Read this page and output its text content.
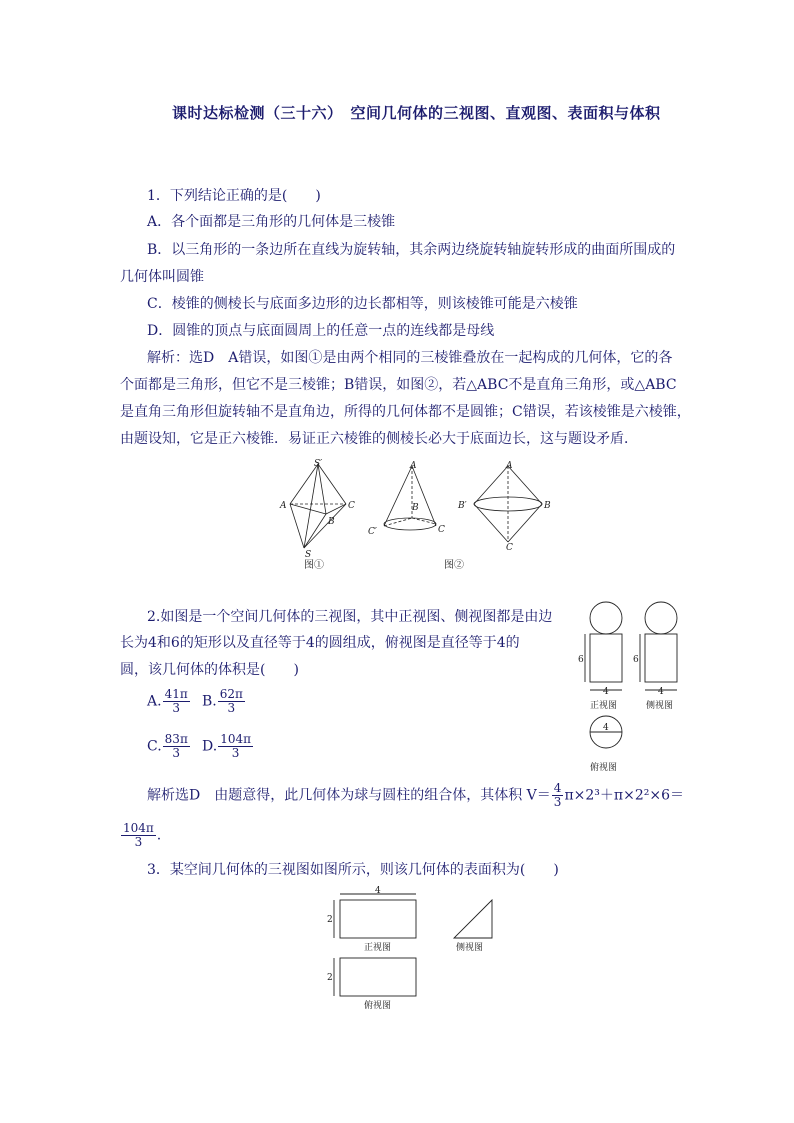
课时达标检测（三十六）　空间几何体的三视图、直观图、表面积与体积
1．下列结论正确的是(　　)
A．各个面都是三角形的几何体是三棱锥
B．以三角形的一条边所在直线为旋转轴，其余两边绕旋转轴旋转形成的曲面所围成的
几何体叫圆锥
C．棱锥的侧棱长与底面多边形的边长都相等，则该棱锥可能是六棱锥
D．圆锥的顶点与底面圆周上的任意一点的连线都是母线
解析：选D　A错误，如图①是由两个相同的三棱锥叠放在一起构成的几何体，它的各
个面都是三角形，但它不是三棱锥；B错误，如图②，若△ABC不是直角三角形，或△ABC
是直角三角形但旋转轴不是直角边，所得的几何体都不是圆锥；C错误，若该棱锥是六棱锥，
由题设知，它是正六棱锥．易证正六棱锥的侧棱长必大于底面边长，这与题设矛盾．
S′
A	C
B
S
A
B
C′	C
A
B′	B
C
图①	图②
2.如图是一个空间几何体的三视图，其中正视图、侧视图都是由边
长为4和6的矩形以及直径等于4的圆组成，俯视图是直径等于4的
圆，该几何体的体积是(　　)
A. $\frac{41\pi}{3} B$. $\frac{62\pi}{3}$
C. $\frac{83\pi}{3} D$. $\frac{104\pi}{3}$
6
4
6
4
4
正视图	侧视图
俯视图
解析选D　由题意得，此几何体为球与圆柱的组合体，其体积 $V= \frac{4}{3} \pi\times 2^3+\pi\times 2^2\times 6=$
$\frac{104\pi}{3}$ .
3．某空间几何体的三视图如图所示，则该几何体的表面积为(　　)
4
2
2
正视图	侧视图
俯视图
